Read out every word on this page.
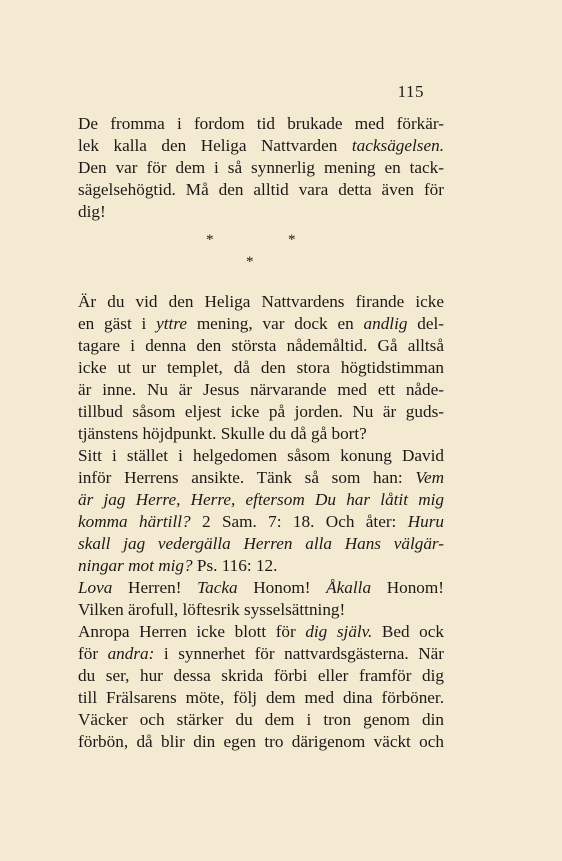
115
De fromma i fordom tid brukade med förkär-
lek kalla den Heliga Nattvarden tacksägelsen.
Den var för dem i så synnerlig mening en tack-
sägelsehögtid. Må den alltid vara detta även för
dig!
*	*
*
Är du vid den Heliga Nattvardens firande icke
en gäst i yttre mening, var dock en andlig del-
tagare i denna den största nådemåltid. Gå alltså
icke ut ur templet, då den stora högtidstimman
är inne. Nu är Jesus närvarande med ett nåde-
tillbud såsom eljest icke på jorden. Nu är guds-
tjänstens höjdpunkt. Skulle du då gå bort?
Sitt i stället i helgedomen såsom konung David
inför Herrens ansikte. Tänk så som han: Vem
är jag Herre, Herre, eftersom Du har låtit mig
komma härtill? 2 Sam. 7: 18. Och åter: Huru
skall jag vedergälla Herren alla Hans välgär-
ningar mot mig? Ps. 116: 12.
Lova Herren! Tacka Honom! Åkalla Honom!
Vilken ärofull, löftesrik sysselsättning!
Anropa Herren icke blott för dig själv. Bed ock
för andra: i synnerhet för nattvardsgästerna. När
du ser, hur dessa skrida förbi eller framför dig
till Frälsarens möte, följ dem med dina förböner.
Väcker och stärker du dem i tron genom din
förbön, då blir din egen tro därigenom väckt och
